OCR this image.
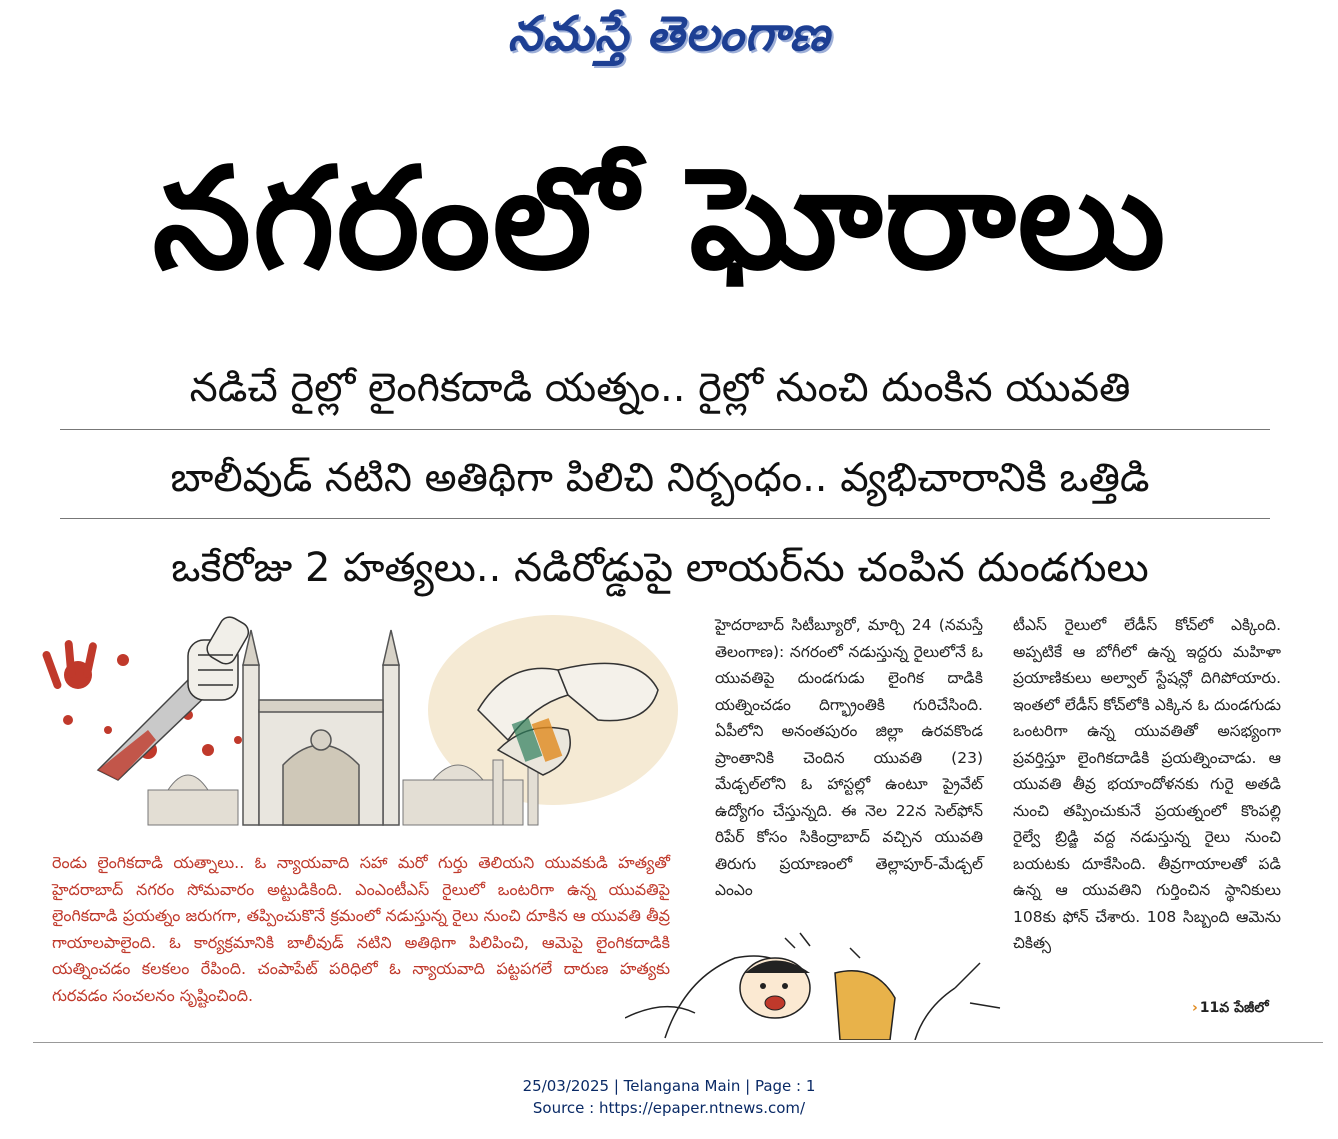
నమస్తే తెలంగాణ
నగరంలో ఘోరాలు
నడిచే రైల్లో లైంగికదాడి యత్నం.. రైల్లో నుంచి దుంకిన యువతి
బాలీవుడ్ నటిని అతిథిగా పిలిచి నిర్బంధం.. వ్యభిచారానికి ఒత్తిడి
ఒకేరోజు 2 హత్యలు.. నడిరోడ్డుపై లాయర్‌ను చంపిన దుండగులు

రెండు లైంగికదాడి యత్నాలు.. ఓ న్యాయవాది సహా మరో గుర్తు తెలియని యువకుడి హత్యతో హైదరాబాద్ నగరం సోమవారం అట్టుడికింది. ఎంఎంటీఎస్ రైలులో ఒంటరిగా ఉన్న యువతిపై లైంగికదాడి ప్రయత్నం జరుగగా, తప్పించుకొనే క్రమంలో నడుస్తున్న రైలు నుంచి దూకిన ఆ యువతి తీవ్ర గాయాలపాలైంది. ఓ కార్యక్రమానికి బాలీవుడ్ నటిని అతిథిగా పిలిపించి, ఆమెపై లైంగికదాడికి యత్నించడం కలకలం రేపింది. చంపాపేట్ పరిధిలో ఓ న్యాయవాది పట్టపగలే దారుణ హత్యకు గురవడం సంచలనం సృష్టించింది.

హైదరాబాద్ సిటీబ్యూరో, మార్చి 24 (నమస్తే తెలంగాణ): నగరంలో నడుస్తున్న రైలులోనే ఓ యువతిపై దుండగుడు లైంగిక దాడికి యత్నించడం దిగ్భ్రాంతికి గురిచేసింది. ఏపీలోని అనంతపురం జిల్లా ఉరవకొండ ప్రాంతానికి చెందిన యువతి (23) మేడ్చల్‌లోని ఓ హాస్టల్లో ఉంటూ ప్రైవేట్ ఉద్యోగం చేస్తున్నది. ఈ నెల 22న సెల్‌ఫోన్ రిపేర్ కోసం సికింద్రాబాద్ వచ్చిన యువతి తిరుగు ప్రయాణంలో తెల్లాపూర్-మేడ్చల్ ఎంఎం

టీఎస్ రైలులో లేడీస్ కోచ్‌లో ఎక్కింది. అప్పటికే ఆ బోగీలో ఉన్న ఇద్దరు మహిళా ప్రయాణికులు అల్వాల్ స్టేషన్లో దిగిపోయారు. ఇంతలో లేడీస్ కోచ్‌లోకి ఎక్కిన ఓ దుండగుడు ఒంటరిగా ఉన్న యువతితో అసభ్యంగా ప్రవర్తిస్తూ లైంగికదాడికి ప్రయత్నించాడు. ఆ యువతి తీవ్ర భయాందోళనకు గురై అతడి నుంచి తప్పించుకునే ప్రయత్నంలో కొంపల్లి రైల్వే బ్రిడ్జి వద్ద నడుస్తున్న రైలు నుంచి బయటకు దూకేసింది. తీవ్రగాయాలతో పడి ఉన్న ఆ యువతిని గుర్తించిన స్థానికులు 108కు ఫోన్ చేశారు. 108 సిబ్బంది ఆమెను చికిత్స

› 11వ పేజీలో
25/03/2025 | Telangana Main | Page : 1
Source : https://epaper.ntnews.com/
